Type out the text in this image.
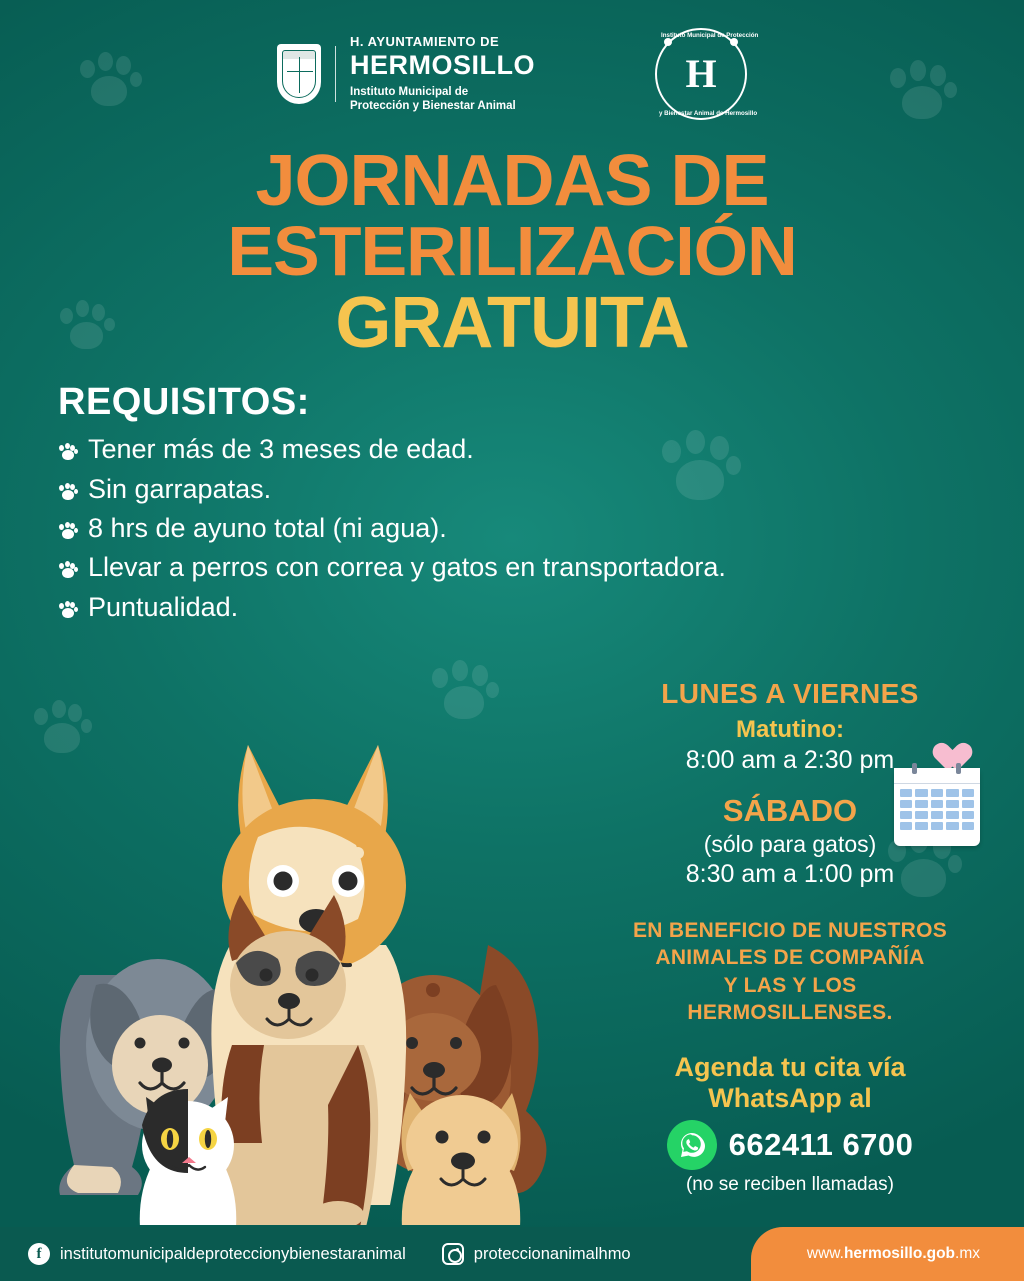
H. AYUNTAMIENTO DE
HERMOSILLO
Instituto Municipal de
Protección y Bienestar Animal
Instituto Municipal de Protección
y Bienestar Animal de Hermosillo
H
JORNADAS DE
ESTERILIZACIÓN
GRATUITA
REQUISITOS:
Tener más de 3 meses de edad.
Sin garrapatas.
8 hrs de ayuno total (ni agua).
Llevar a perros con correa y gatos en transportadora.
Puntualidad.
LUNES A VIERNES
Matutino:
8:00 am a 2:30 pm
SÁBADO
(sólo para gatos)
8:30 am a 1:00 pm
EN BENEFICIO DE NUESTROS
ANIMALES DE COMPAÑÍA
Y LAS Y LOS
HERMOSILLENSES.
Agenda tu cita vía
WhatsApp al
662411 6700
(no se reciben llamadas)
f	institutomunicipaldeproteccionybienestaranimal	proteccionanimalhmo	www. hermosillo.gob .mx
